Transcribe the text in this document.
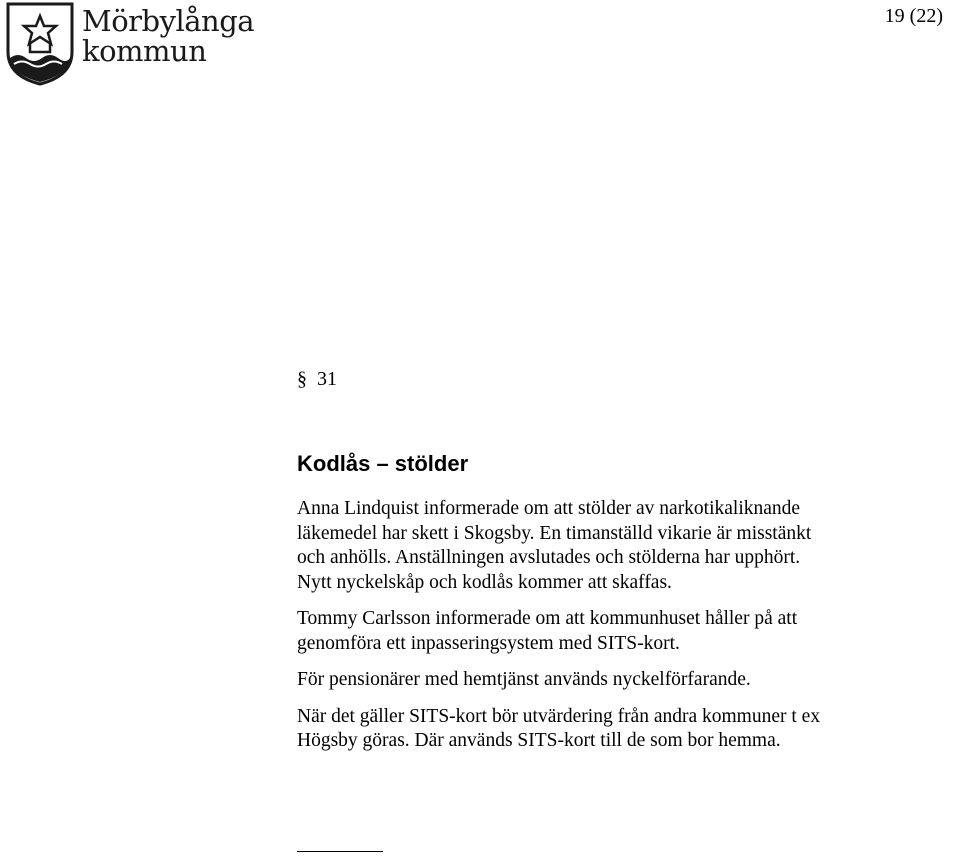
Mörbylånga
kommun
19 (22)
§ 31
Kodlås – stölder

Anna Lindquist informerade om att stölder av narkotikaliknande
läkemedel har skett i Skogsby. En timanställd vikarie är misstänkt
och anhölls. Anställningen avslutades och stölderna har upphört.
Nytt nyckelskåp och kodlås kommer att skaffas.

Tommy Carlsson informerade om att kommunhuset håller på att
genomföra ett inpasseringsystem med SITS-kort.

För pensionärer med hemtjänst används nyckelförfarande.

När det gäller SITS-kort bör utvärdering från andra kommuner t ex
Högsby göras. Där används SITS-kort till de som bor hemma.
